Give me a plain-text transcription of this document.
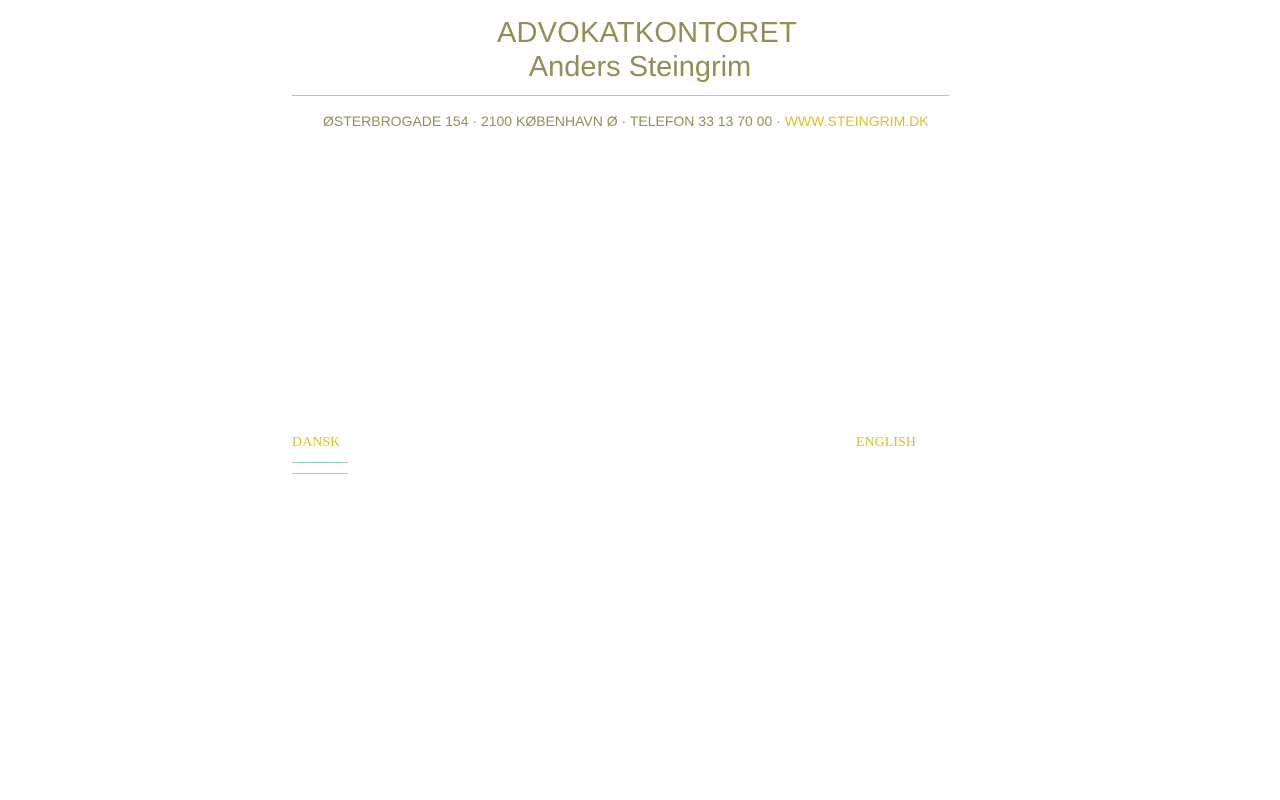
ADVOKATKONTORET
Anders Steingrim
ØSTERBROGADE 154 · 2100 KØBENHAVN Ø · TELEFON 33 13 70 00 · WWW.STEINGRIM.DK
DANSK	ENGLISH
